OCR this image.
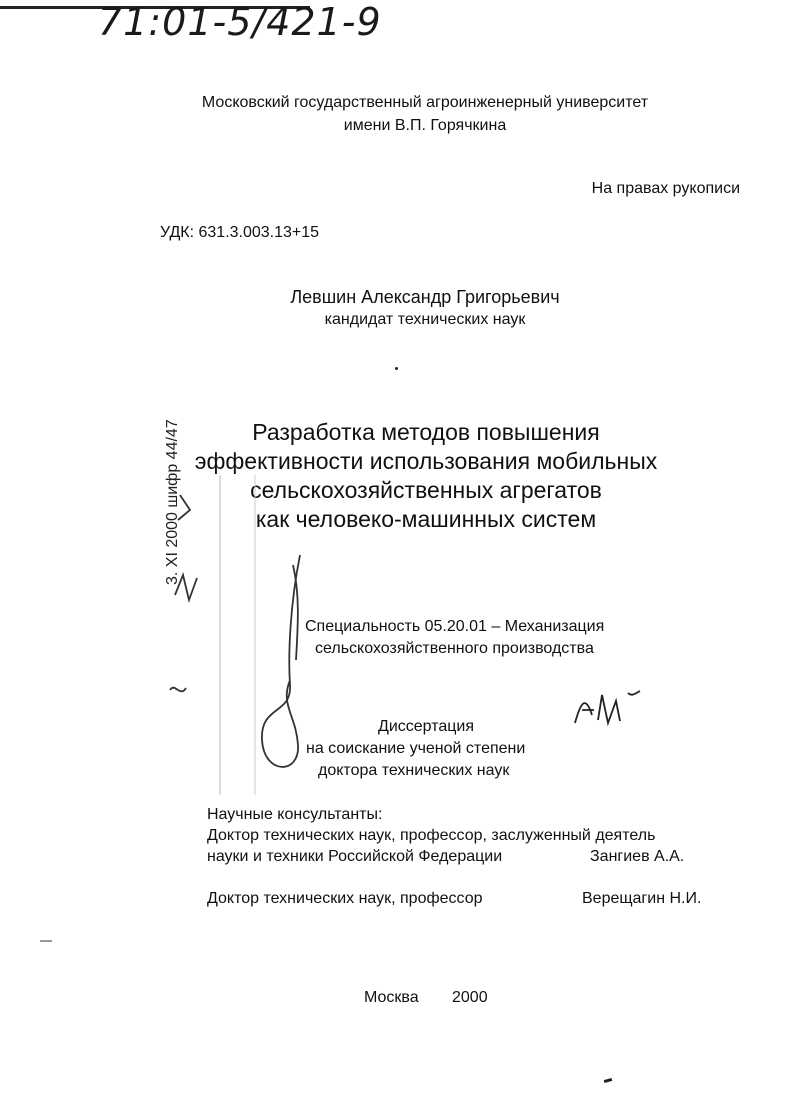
71:01-5/421-9
Московский государственный агроинженерный университет
имени В.П. Горячкина
На правах рукописи
УДК: 631.3.003.13+15
Левшин Александр Григорьевич
кандидат технических наук
Разработка методов повышения
эффективности использования мобильных
сельскохозяйственных агрегатов
как человеко-машинных систем
3. XI 2000 шифр 44/47
Специальность 05.20.01 – Механизация
сельскохозяйственного производства
Диссертация
на соискание ученой степени
доктора технических наук
Научные консультанты:
Доктор технических наук, профессор, заслуженный деятель
науки и техники Российской Федерации	Зангиев А.А.
Доктор технических наук, профессор	Верещагин Н.И.
Москва 2000
